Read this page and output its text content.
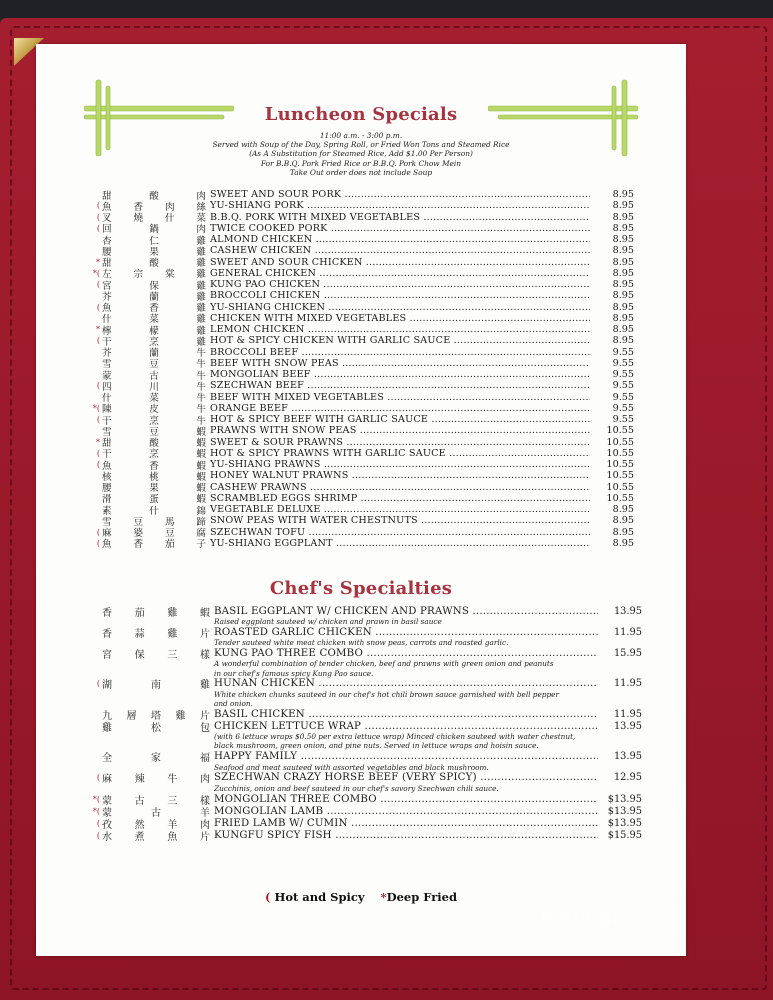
Luncheon Specials
11:00 a.m. - 3:00 p.m.
Served with Soup of the Day, Spring Roll, or Fried Won Tons and Steamed Rice
(As A Substitution for Steamed Rice, Add $1.00 Per Person)
For B.B.Q. Pork Fried Rice or B.B.Q. Pork Chow Mein
Take Out order does not include Soup
甜	酸	肉 SWEET AND SOUR PORK .....	8.95
( 魚 香 肉 絲 YU-SHIANG PORK .....	8.95
( 叉 燒 什 菜 B.B.Q. PORK WITH MIXED VEGETABLES .....	8.95
( 回	鍋	肉 TWICE COOKED PORK .....	8.95
杏	仁	雞 ALMOND CHICKEN .....	8.95
腰	果	雞 CASHEW CHICKEN .....	8.95
* 甜	酸	雞 SWEET AND SOUR CHICKEN .....	8.95
*( 左 宗 棠 雞 GENERAL CHICKEN .....	8.95
( 宮	保	雞 KUNG PAO CHICKEN .....	8.95
芥	蘭	雞 BROCCOLI CHICKEN .....	8.95
( 魚	香	雞 YU-SHIANG CHICKEN .....	8.95
什	菜	雞 CHICKEN WITH MIXED VEGETABLES .....	8.95
* 檸	檬	雞 LEMON CHICKEN .....	8.95
( 干	烹	雞 HOT & SPICY CHICKEN WITH GARLIC SAUCE .....	8.95
芥	蘭	牛 BROCCOLI BEEF .....	9.55
雪	豆	牛 BEEF WITH SNOW PEAS .....	9.55
蒙	古	牛 MONGOLIAN BEEF .....	9.55
( 四	川	牛 SZECHWAN BEEF .....	9.55
什	菜	牛 BEEF WITH MIXED VEGETABLES .....	9.55
*( 陳	皮	牛 ORANGE BEEF .....	9.55
( 干	烹	牛 HOT & SPICY BEEF WITH GARLIC SAUCE .....	9.55
雪	豆	蝦 PRAWNS WITH SNOW PEAS .....	10.55
* 甜	酸	蝦 SWEET & SOUR PRAWNS .....	10.55
( 干	烹	蝦 HOT & SPICY PRAWNS WITH GARLIC SAUCE .....	10.55
( 魚	香	蝦 YU-SHIANG PRAWNS .....	10.55
核	桃	蝦 HONEY WALNUT PRAWNS .....	10.55
腰	果	蝦 CASHEW PRAWNS .....	10.55
滑	蛋	蝦 SCRAMBLED EGGS SHRIMP .....	10.55
素	什	錦 VEGETABLE DELUXE .....	8.95
雪 豆 馬 蹄 SNOW PEAS WITH WATER CHESTNUTS .....	8.95
( 麻 婆 豆 腐 SZECHWAN TOFU .....	8.95
( 魚 香 茄 子 YU-SHIANG EGGPLANT .....	8.95
Chef's Specialties
香 茄 雞 蝦 BASIL EGGPLANT W/ CHICKEN AND PRAWNS .....	13.95
Raised eggplant sauteed w/ chicken and prawn in basil sauce
香 蒜 雞 片 ROASTED GARLIC CHICKEN .....	11.95
Tender sauteed white meat chicken with snow peas, carrots and roasted garlic.
宮 保 三 樣 KUNG PAO THREE COMBO .....	15.95
A wonderful combination of tender chicken, beef and prawns with green onion and peanuts
in our chef's famous spicy Kung Pao sauce.
( 湖	南	雞 HUNAN CHICKEN .....	11.95
White chicken chunks sauteed in our chef's hot chili brown sauce garnished with bell pepper
and onion.
九 層 塔 雞 片 BASIL CHICKEN .....	11.95
雞	松	包 CHICKEN LETTUCE WRAP .....	13.95
(with 6 lettuce wraps $0.50 per extra lettuce wrap) Minced chicken sauteed with water chestnut,
black mushroom, green onion, and pine nuts. Served in lettuce wraps and hoisin sauce.
全	家	福 HAPPY FAMILY .....	13.95
Seafood and meat sauteed with assorted vegetables and black mushroom.
( 麻 辣 牛 肉 SZECHWAN CRAZY HORSE BEEF (VERY SPICY) .....	12.95
Zucchinis, onion and beef sauteed in our chef's savory Szechwan chili sauce.
*( 蒙 古 三 樣 MONGOLIAN THREE COMBO .....	$13.95
*( 蒙	古	羊 MONGOLIAN LAMB .....	$13.95
( 孜 然 羊 肉 FRIED LAMB W/ CUMIN .....	$13.95
( 水 煮 魚 片 KUNGFU SPICY FISH .....	$15.95
( Hot and Spicy *Deep Fried
menupix
